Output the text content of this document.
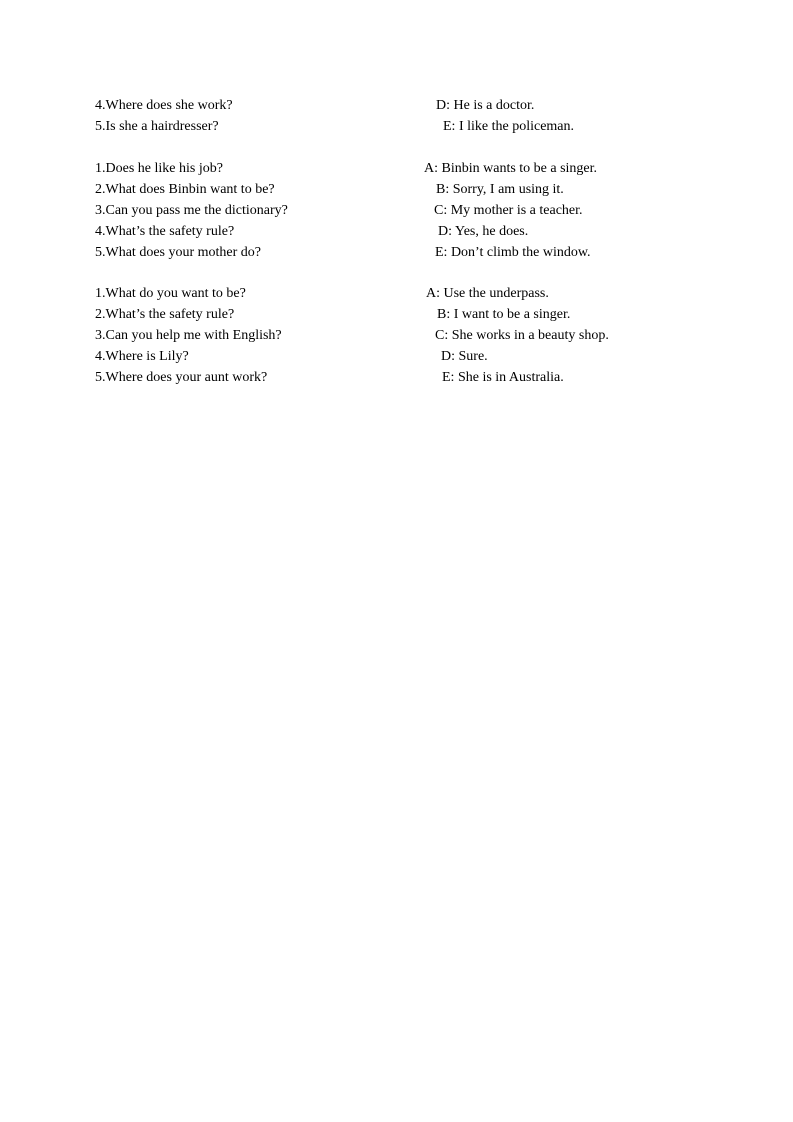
4.Where does she work?	D: He is a doctor.
5.Is she a hairdresser?	E: I like the policeman.
1.Does he like his job?	A: Binbin wants to be a singer.
2.What does Binbin want to be?	B: Sorry, I am using it.
3.Can you pass me the dictionary?	C: My mother is a teacher.
4.What’s the safety rule?	D: Yes, he does.
5.What does your mother do?	E: Don’t climb the window.
1.What do you want to be?	A: Use the underpass.
2.What’s the safety rule?	B: I want to be a singer.
3.Can you help me with English?	C: She works in a beauty shop.
4.Where is Lily?	D: Sure.
5.Where does your aunt work?	E: She is in Australia.
